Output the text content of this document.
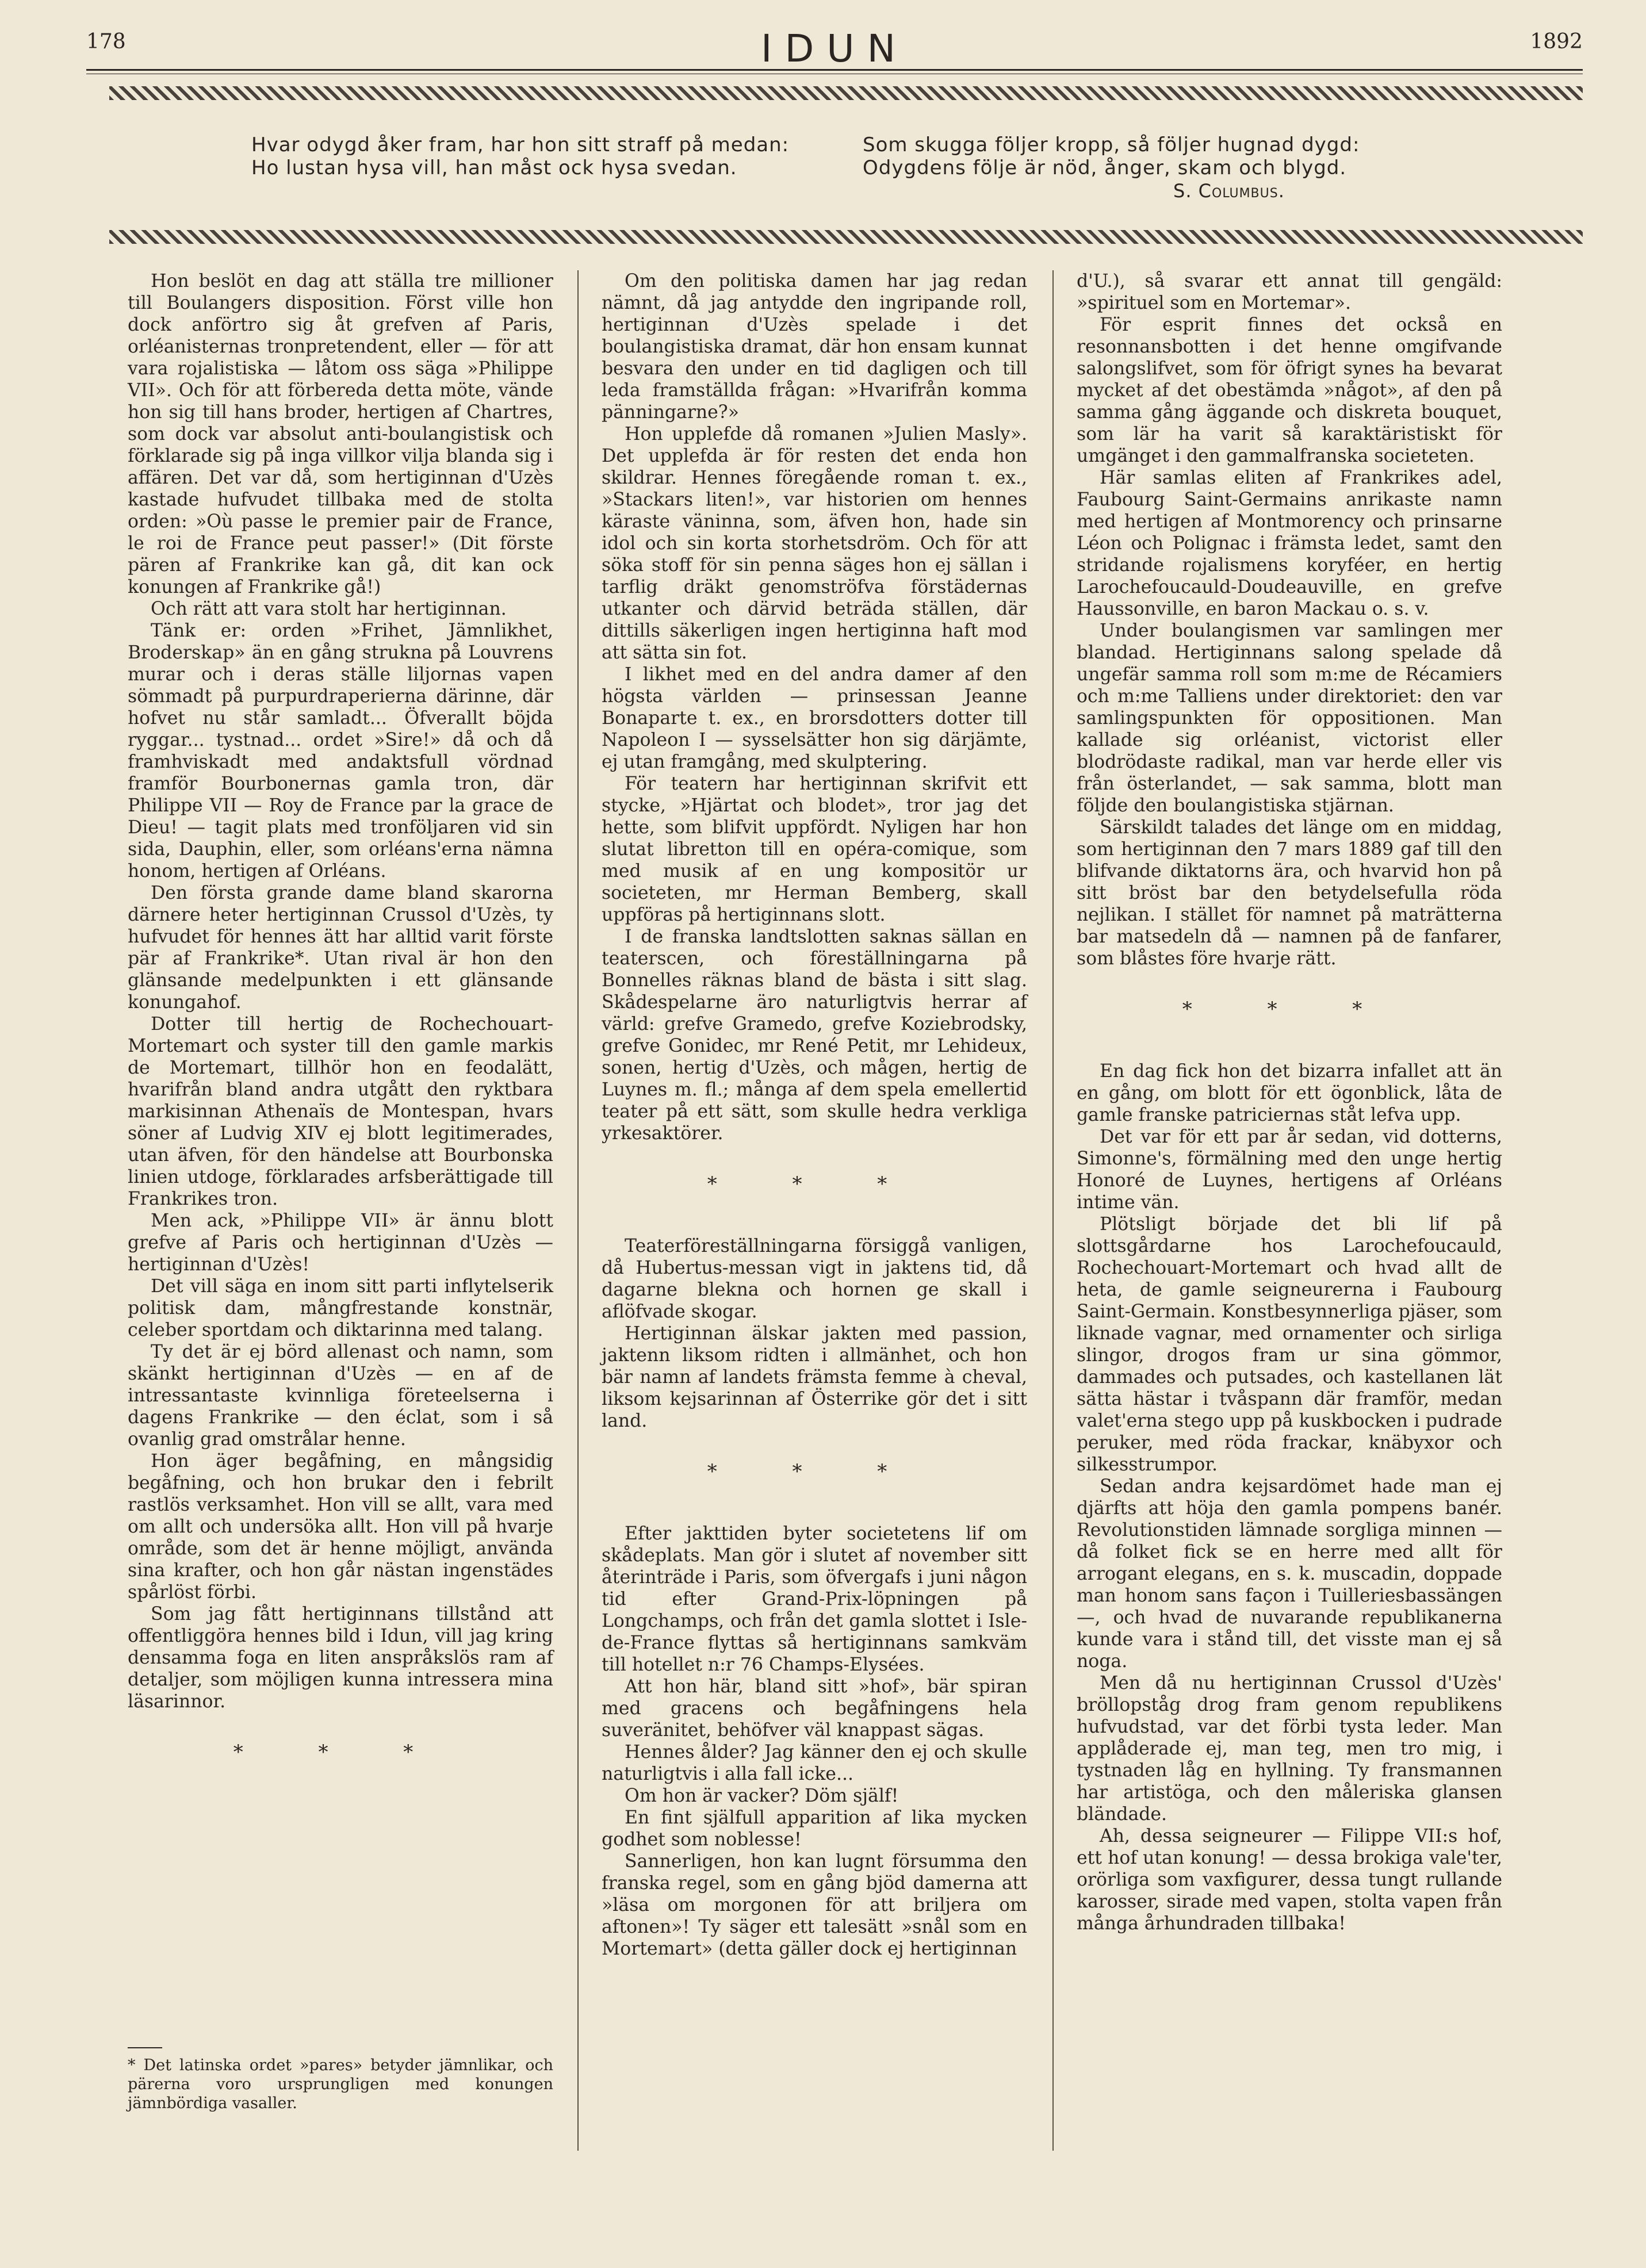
178	IDUN	1892
Hvar odygd åker fram, har hon sitt straff på medan:
Ho lustan hysa vill, han måst ock hysa svedan.
Som skugga följer kropp, så följer hugnad dygd:
Odygdens följe är nöd, ånger, skam och blygd.
S. Columbus.

Hon beslöt en dag att ställa tre millioner till Boulangers disposition. Först ville hon dock anförtro sig åt grefven af Paris, orléanisternas tronpretendent, eller — för att vara rojalistiska — låtom oss säga »Philippe VII». Och för att förbereda detta möte, vände hon sig till hans broder, hertigen af Chartres, som dock var absolut anti-boulangistisk och förklarade sig på inga villkor vilja blanda sig i affären. Det var då, som hertiginnan d'Uzès kastade hufvudet tillbaka med de stolta orden: »Où passe le premier pair de France, le roi de France peut passer!» (Dit förste pären af Frankrike kan gå, dit kan ock konungen af Frankrike gå!)

Och rätt att vara stolt har hertiginnan.

Tänk er: orden »Frihet, Jämnlikhet, Broderskap» än en gång strukna på Louvrens murar och i deras ställe liljornas vapen sömmadt på purpurdraperierna därinne, där hofvet nu står samladt... Öfverallt böjda ryggar... tystnad... ordet »Sire!» då och då framhviskadt med andaktsfull vördnad framför Bourbonernas gamla tron, där Philippe VII — Roy de France par la grace de Dieu! — tagit plats med tronföljaren vid sin sida, Dauphin, eller, som orléans'erna nämna honom, hertigen af Orléans.

Den första grande dame bland skarorna därnere heter hertiginnan Crussol d'Uzès, ty hufvudet för hennes ätt har alltid varit förste pär af Frankrike*. Utan rival är hon den glänsande medelpunkten i ett glänsande konungahof.

Dotter till hertig de Rochechouart-Mortemart och syster till den gamle markis de Mortemart, tillhör hon en feodalätt, hvarifrån bland andra utgått den ryktbara markisinnan Athenaïs de Montespan, hvars söner af Ludvig XIV ej blott legitimerades, utan äfven, för den händelse att Bourbonska linien utdoge, förklarades arfsberättigade till Frankrikes tron.

Men ack, »Philippe VII» är ännu blott grefve af Paris och hertiginnan d'Uzès — hertiginnan d'Uzès!

Det vill säga en inom sitt parti inflytelserik politisk dam, mångfrestande konstnär, celeber sportdam och diktarinna med talang.

Ty det är ej börd allenast och namn, som skänkt hertiginnan d'Uzès — en af de intressantaste kvinnliga företeelserna i dagens Frankrike — den éclat, som i så ovanlig grad omstrålar henne.

Hon äger begåfning, en mångsidig begåfning, och hon brukar den i febrilt rastlös verksamhet. Hon vill se allt, vara med om allt och undersöka allt. Hon vill på hvarje område, som det är henne möjligt, använda sina krafter, och hon går nästan ingenstädes spårlöst förbi.

Som jag fått hertiginnans tillstånd att offentliggöra hennes bild i Idun, vill jag kring densamma foga en liten anspråkslös ram af detaljer, som möjligen kunna intressera mina läsarinnor.

* * *
* Det latinska ordet »pares» betyder jämnlikar, och pärerna voro ursprungligen med konungen jämnbördiga vasaller.

Om den politiska damen har jag redan nämnt, då jag antydde den ingripande roll, hertiginnan d'Uzès spelade i det boulangistiska dramat, där hon ensam kunnat besvara den under en tid dagligen och till leda framställda frågan: »Hvarifrån komma pänningarne?»

Hon upplefde då romanen »Julien Masly». Det upplefda är för resten det enda hon skildrar. Hennes föregående roman t. ex., »Stackars liten!», var historien om hennes käraste väninna, som, äfven hon, hade sin idol och sin korta storhetsdröm. Och för att söka stoff för sin penna säges hon ej sällan i tarflig dräkt genomströfva förstädernas utkanter och därvid beträda ställen, där dittills säkerligen ingen hertiginna haft mod att sätta sin fot.

I likhet med en del andra damer af den högsta världen — prinsessan Jeanne Bonaparte t. ex., en brorsdotters dotter till Napoleon I — sysselsätter hon sig därjämte, ej utan framgång, med skulptering.

För teatern har hertiginnan skrifvit ett stycke, »Hjärtat och blodet», tror jag det hette, som blifvit uppfördt. Nyligen har hon slutat libretton till en opéra-comique, som med musik af en ung kompositör ur societeten, mr Herman Bemberg, skall uppföras på hertiginnans slott.

I de franska landtslotten saknas sällan en teaterscen, och föreställningarna på Bonnelles räknas bland de bästa i sitt slag. Skådespelarne äro naturligtvis herrar af värld: grefve Gramedo, grefve Koziebrodsky, grefve Gonidec, mr René Petit, mr Lehideux, sonen, hertig d'Uzès, och mågen, hertig de Luynes m. fl.; många af dem spela emellertid teater på ett sätt, som skulle hedra verkliga yrkesaktörer.

* * *

Teaterföreställningarna försiggå vanligen, då Hubertus-messan vigt in jaktens tid, då dagarne blekna och hornen ge skall i aflöfvade skogar.

Hertiginnan älskar jakten med passion, jaktenn liksom ridten i allmänhet, och hon bär namn af landets främsta femme à cheval, liksom kejsarinnan af Österrike gör det i sitt land.

* * *

Efter jakttiden byter societetens lif om skådeplats. Man gör i slutet af november sitt återinträde i Paris, som öfvergafs i juni någon tid efter Grand-Prix-löpningen på Longchamps, och från det gamla slottet i Isle-de-France flyttas så hertiginnans samkväm till hotellet n:r 76 Champs-Elysées.

Att hon här, bland sitt »hof», bär spiran med gracens och begåfningens hela suveränitet, behöfver väl knappast sägas.

Hennes ålder? Jag känner den ej och skulle naturligtvis i alla fall icke...

Om hon är vacker? Döm själf!

En fint själfull apparition af lika mycken godhet som noblesse!

Sannerligen, hon kan lugnt försumma den franska regel, som en gång bjöd damerna att »läsa om morgonen för att briljera om aftonen»! Ty säger ett talesätt »snål som en Mortemart» (detta gäller dock ej hertiginnan

d'U.), så svarar ett annat till gengäld: »spirituel som en Mortemar».

För esprit finnes det också en resonnansbotten i det henne omgifvande salongslifvet, som för öfrigt synes ha bevarat mycket af det obestämda »något», af den på samma gång äggande och diskreta bouquet, som lär ha varit så karaktäristiskt för umgänget i den gammalfranska societeten.

Här samlas eliten af Frankrikes adel, Faubourg Saint-Germains anrikaste namn med hertigen af Montmorency och prinsarne Léon och Polignac i främsta ledet, samt den stridande rojalismens koryféer, en hertig Larochefoucauld-Doudeauville, en grefve Haussonville, en baron Mackau o. s. v.

Under boulangismen var samlingen mer blandad. Hertiginnans salong spelade då ungefär samma roll som m:me de Récamiers och m:me Talliens under direktoriet: den var samlingspunkten för oppositionen. Man kallade sig orléanist, victorist eller blodrödaste radikal, man var herde eller vis från österlandet, — sak samma, blott man följde den boulangistiska stjärnan.

Särskildt talades det länge om en middag, som hertiginnan den 7 mars 1889 gaf till den blifvande diktatorns ära, och hvarvid hon på sitt bröst bar den betydelsefulla röda nejlikan. I stället för namnet på maträtterna bar matsedeln då — namnen på de fanfarer, som blåstes före hvarje rätt.

* * *

En dag fick hon det bizarra infallet att än en gång, om blott för ett ögonblick, låta de gamle franske patriciernas ståt lefva upp.

Det var för ett par år sedan, vid dotterns, Simonne's, förmälning med den unge hertig Honoré de Luynes, hertigens af Orléans intime vän.

Plötsligt började det bli lif på slottsgårdarne hos Larochefoucauld, Rochechouart-Mortemart och hvad allt de heta, de gamle seigneurerna i Faubourg Saint-Germain. Konstbesynnerliga pjäser, som liknade vagnar, med ornamenter och sirliga slingor, drogos fram ur sina gömmor, dammades och putsades, och kastellanen lät sätta hästar i tvåspann där framför, medan valet'erna stego upp på kuskbocken i pudrade peruker, med röda frackar, knäbyxor och silkesstrumpor.

Sedan andra kejsardömet hade man ej djärfts att höja den gamla pompens banér. Revolutionstiden lämnade sorgliga minnen — då folket fick se en herre med allt för arrogant elegans, en s. k. muscadin, doppade man honom sans façon i Tuilleriesbassängen —, och hvad de nuvarande republikanerna kunde vara i stånd till, det visste man ej så noga.

Men då nu hertiginnan Crussol d'Uzès' bröllopståg drog fram genom republikens hufvudstad, var det förbi tysta leder. Man applåderade ej, man teg, men tro mig, i tystnaden låg en hyllning. Ty fransmannen har artistöga, och den måleriska glansen bländade.

Ah, dessa seigneurer — Filippe VII:s hof, ett hof utan konung! — dessa brokiga vale'ter, orörliga som vaxfigurer, dessa tungt rullande karosser, sirade med vapen, stolta vapen från många århundraden tillbaka!
